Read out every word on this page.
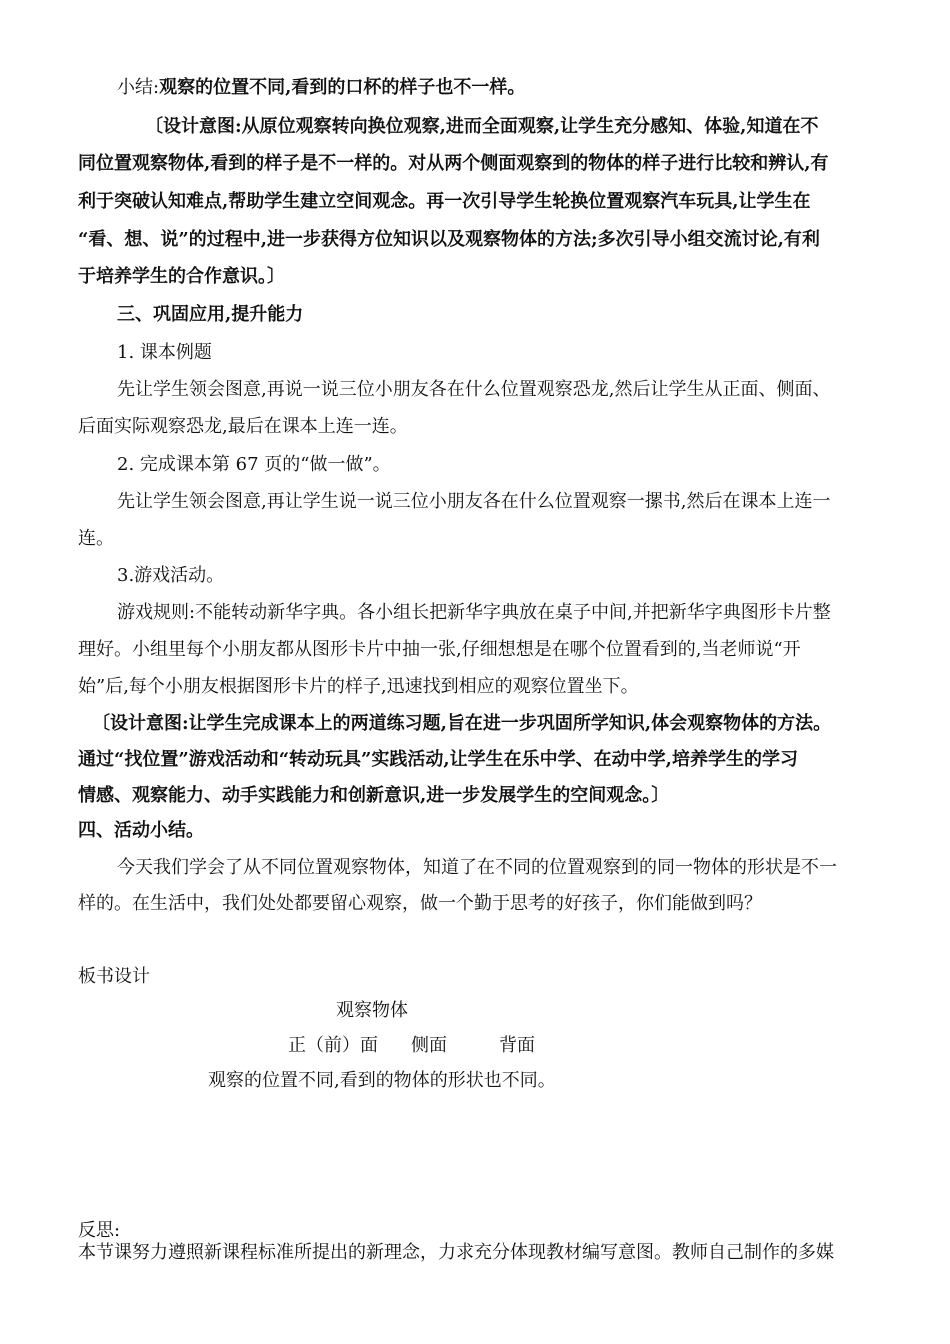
小结:观察的位置不同,看到的口杯的样子也不一样。
〔设计意图:从原位观察转向换位观察,进而全面观察,让学生充分感知、体验,知道在不
同位置观察物体,看到的样子是不一样的。对从两个侧面观察到的物体的样子进行比较和辨认,有
利于突破认知难点,帮助学生建立空间观念。再一次引导学生轮换位置观察汽车玩具,让学生在
“看、想、说”的过程中,进一步获得方位知识以及观察物体的方法;多次引导小组交流讨论,有利
于培养学生的合作意识。〕
三、巩固应用,提升能力
1. 课本例题
先让学生领会图意,再说一说三位小朋友各在什么位置观察恐龙,然后让学生从正面、侧面、
后面实际观察恐龙,最后在课本上连一连。
2. 完成课本第 67 页的“做一做”。
先让学生领会图意,再让学生说一说三位小朋友各在什么位置观察一摞书,然后在课本上连一
连。
3.游戏活动。
游戏规则:不能转动新华字典。各小组长把新华字典放在桌子中间,并把新华字典图形卡片整
理好。小组里每个小朋友都从图形卡片中抽一张,仔细想想是在哪个位置看到的,当老师说“开
始”后,每个小朋友根据图形卡片的样子,迅速找到相应的观察位置坐下。
〔设计意图:让学生完成课本上的两道练习题,旨在进一步巩固所学知识,体会观察物体的方法。
通过“找位置”游戏活动和“转动玩具”实践活动,让学生在乐中学、在动中学,培养学生的学习
情感、观察能力、动手实践能力和创新意识,进一步发展学生的空间观念。〕
四、活动小结。
今天我们学会了从不同位置观察物体，知道了在不同的位置观察到的同一物体的形状是不一
样的。在生活中，我们处处都要留心观察，做一个勤于思考的好孩子，你们能做到吗？
板书设计
观察物体
正（前）面 侧面	背面
观察的位置不同,看到的物体的形状也不同。
反思:
本节课努力遵照新课程标准所提出的新理念，力求充分体现教材编写意图。教师自己制作的多媒
